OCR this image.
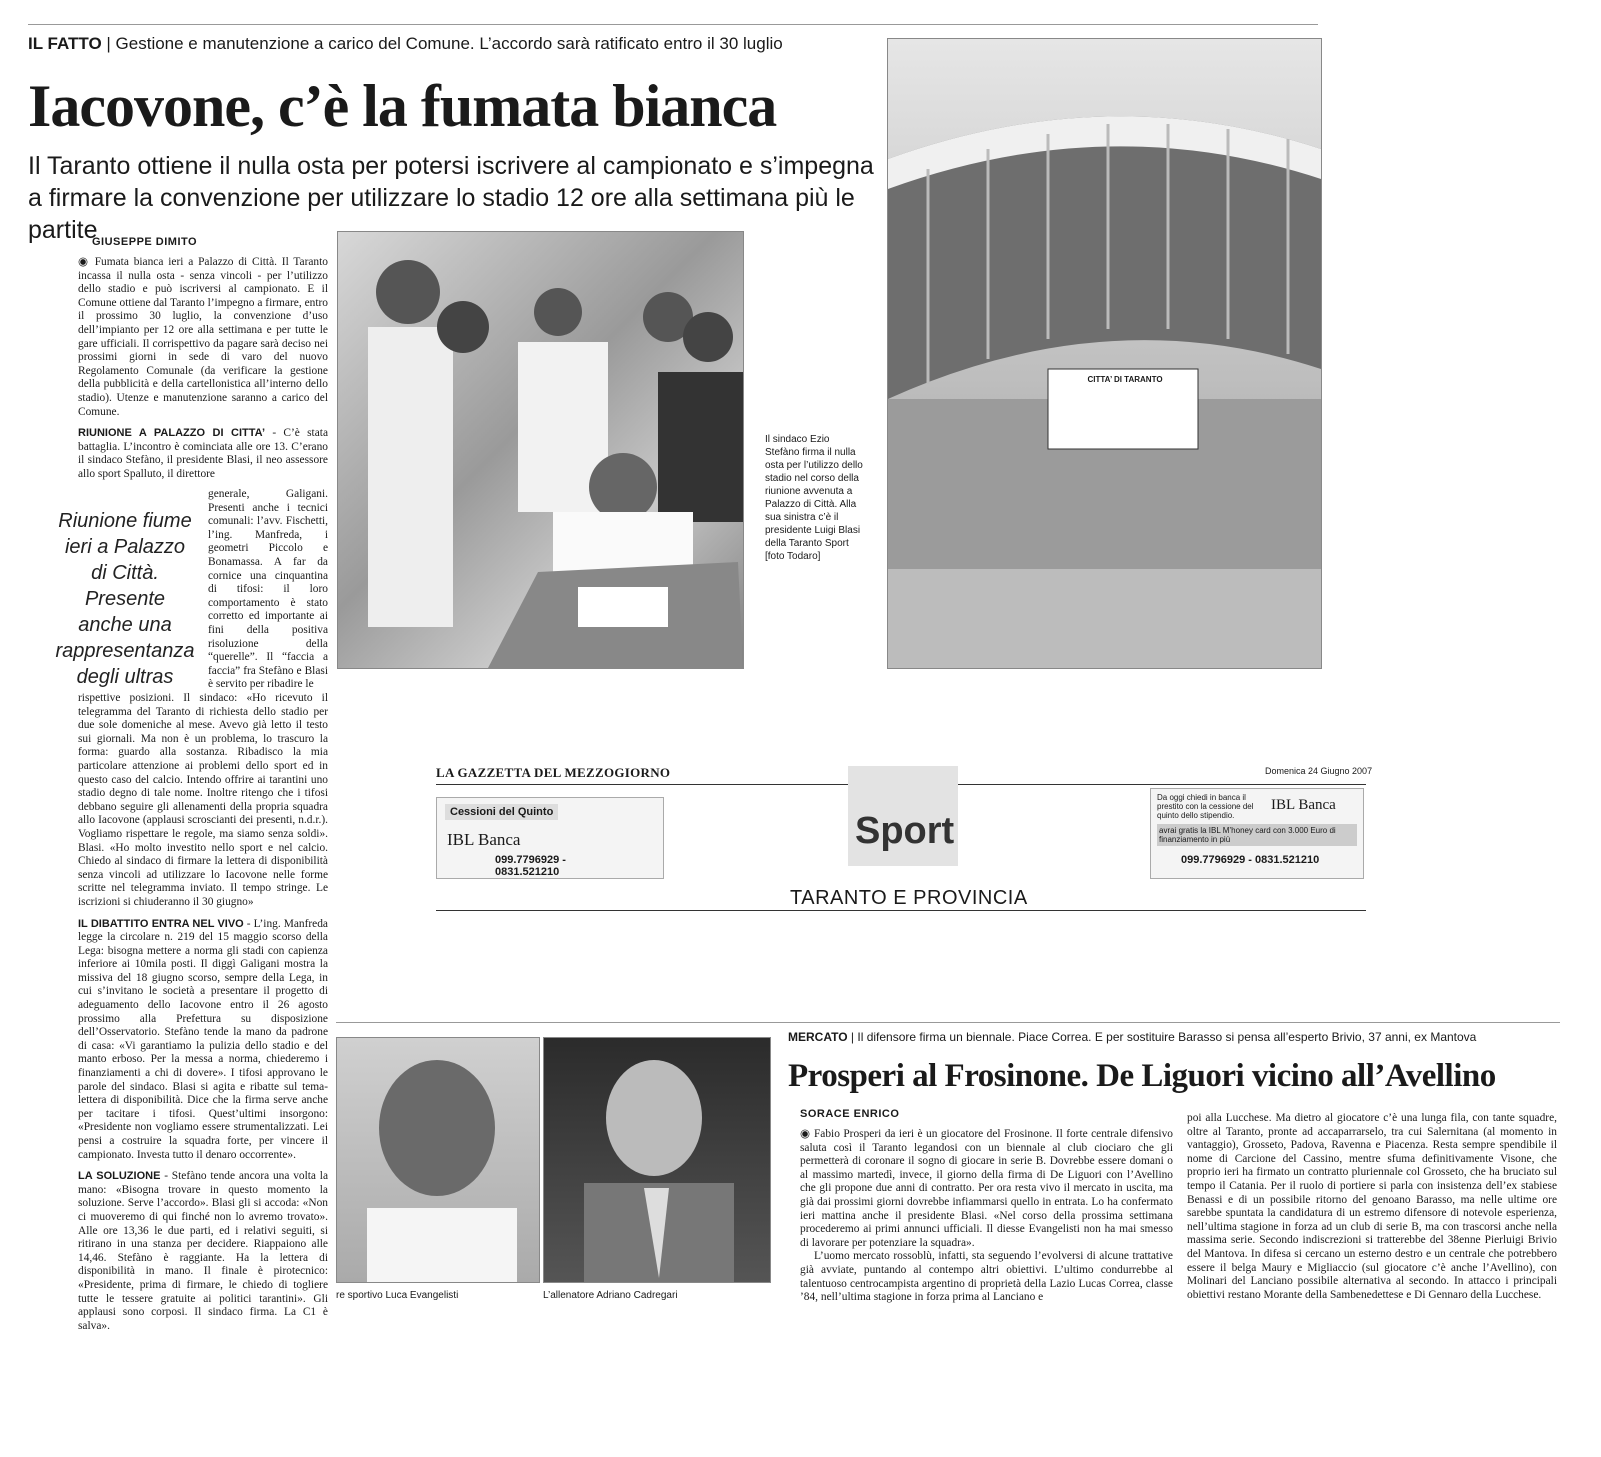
IL FATTO | Gestione e manutenzione a carico del Comune. L’accordo sarà ratificato entro il 30 luglio
Iacovone, c’è la fumata bianca
Il Taranto ottiene il nulla osta per potersi iscrivere al campionato e s’impegna a firmare la convenzione per utilizzare lo stadio 12 ore alla settimana più le partite
GIUSEPPE DIMITO

◉ Fumata bianca ieri a Palazzo di Città. Il Taranto incassa il nulla osta - senza vincoli - per l’utilizzo dello stadio e può iscriversi al campionato. E il Comune ottiene dal Taranto l’impegno a firmare, entro il prossimo 30 luglio, la convenzione d’uso dell’impianto per 12 ore alla settimana e per tutte le gare ufficiali. Il corrispettivo da pagare sarà deciso nei prossimi giorni in sede di varo del nuovo Regolamento Comunale (da verificare la gestione della pubblicità e della cartellonistica all’interno dello stadio). Utenze e manutenzione saranno a carico del Comune.

RIUNIONE A PALAZZO DI CITTA’ - C’è stata battaglia. L’incontro è cominciata alle ore 13. C’erano il sindaco Stefàno, il presidente Blasi, il neo assessore allo sport Spalluto, il direttore

generale, Galigani. Presenti anche i tecnici comunali: l’avv. Fischetti, l’ing. Manfreda, i geometri Piccolo e Bonamassa. A far da cornice una cinquantina di tifosi: il loro comportamento è stato corretto ed importante ai fini della positiva risoluzione della “querelle”. Il “faccia a faccia” fra Stefàno e Blasi è servito per ribadire le

Riunione fiume ieri a Palazzo di Città. Presente anche una rappresentanza degli ultras

rispettive posizioni. Il sindaco: «Ho ricevuto il telegramma del Taranto di richiesta dello stadio per due sole domeniche al mese. Avevo già letto il testo sui giornali. Ma non è un problema, lo trascuro la forma: guardo alla sostanza. Ribadisco la mia particolare attenzione ai problemi dello sport ed in questo caso del calcio. Intendo offrire ai tarantini uno stadio degno di tale nome. Inoltre ritengo che i tifosi debbano seguire gli allenamenti della propria squadra allo Iacovone (applausi scroscianti dei presenti, n.d.r.). Vogliamo rispettare le regole, ma siamo senza soldi». Blasi. «Ho molto investito nello sport e nel calcio. Chiedo al sindaco di firmare la lettera di disponibilità senza vincoli ad utilizzare lo Iacovone nelle forme scritte nel telegramma inviato. Il tempo stringe. Le iscrizioni si chiuderanno il 30 giugno»

IL DIBATTITO ENTRA NEL VIVO - L’ing. Manfreda legge la circolare n. 219 del 15 maggio scorso della Lega: bisogna mettere a norma gli stadi con capienza inferiore ai 10mila posti. Il diggì Galigani mostra la missiva del 18 giugno scorso, sempre della Lega, in cui s’invitano le società a presentare il progetto di adeguamento dello Iacovone entro il 26 agosto prossimo alla Prefettura su disposizione dell’Osservatorio. Stefàno tende la mano da padrone di casa: «Vi garantiamo la pulizia dello stadio e del manto erboso. Per la messa a norma, chiederemo i finanziamenti a chi di dovere». I tifosi approvano le parole del sindaco. Blasi si agita e ribatte sul tema-lettera di disponibilità. Dice che la firma serve anche per tacitare i tifosi. Quest’ultimi insorgono: «Presidente non vogliamo essere strumentalizzati. Lei pensi a costruire la squadra forte, per vincere il campionato. Investa tutto il denaro occorrente».

LA SOLUZIONE - Stefàno tende ancora una volta la mano: «Bisogna trovare in questo momento la soluzione. Serve l’accordo». Blasi gli si accoda: «Non ci muoveremo di qui finché non lo avremo trovato». Alle ore 13,36 le due parti, ed i relativi seguiti, si ritirano in una stanza per decidere. Riappaiono alle 14,46. Stefàno è raggiante. Ha la lettera di disponibilità in mano. Il finale è pirotecnico: «Presidente, prima di firmare, le chiedo di togliere tutte le tessere gratuite ai politici tarantini». Gli applausi sono corposi. Il sindaco firma. La C1 è salva».

Il sindaco Ezio Stefàno firma il nulla osta per l’utilizzo dello stadio nel corso della riunione avvenuta a Palazzo di Città. Alla sua sinistra c’è il presidente Luigi Blasi della Taranto Sport [foto Todaro]
CITTA’ DI TARANTO
LA GAZZETTA DEL MEZZOGIORNO	Domenica 24 Giugno 2007
Cessioni del Quinto
IBL Banca
099.7796929 - 0831.521210
Sport
Da oggi chiedi in banca il prestito con la cessione del quinto dello stipendio.
IBL Banca
avrai gratis la IBL M’honey card con 3.000 Euro di finanziamento in più
099.7796929 - 0831.521210
TARANTO E PROVINCIA
re sportivo Luca Evangelisti	L’allenatore Adriano Cadregari
MERCATO | Il difensore firma un biennale. Piace Correa. E per sostituire Barasso si pensa all’esperto Brivio, 37 anni, ex Mantova
Prosperi al Frosinone. De Liguori vicino all’Avellino
SORACE ENRICO

◉ Fabio Prosperi da ieri è un giocatore del Frosinone. Il forte centrale difensivo saluta così il Taranto legandosi con un biennale al club ciociaro che gli permetterà di coronare il sogno di giocare in serie B. Dovrebbe essere domani o al massimo martedì, invece, il giorno della firma di De Liguori con l’Avellino che gli propone due anni di contratto. Per ora resta vivo il mercato in uscita, ma già dai prossimi giorni dovrebbe infiammarsi quello in entrata. Lo ha confermato ieri mattina anche il presidente Blasi. «Nel corso della prossima settimana procederemo ai primi annunci ufficiali. Il diesse Evangelisti non ha mai smesso di lavorare per potenziare la squadra».

L’uomo mercato rossoblù, infatti, sta seguendo l’evolversi di alcune trattative già avviate, puntando al contempo altri obiettivi. L’ultimo condurrebbe al talentuoso centrocampista argentino di proprietà della Lazio Lucas Correa, classe ’84, nell’ultima stagione in forza prima al Lanciano e

poi alla Lucchese. Ma dietro al giocatore c’è una lunga fila, con tante squadre, oltre al Taranto, pronte ad accaparrarselo, tra cui Salernitana (al momento in vantaggio), Grosseto, Padova, Ravenna e Piacenza. Resta sempre spendibile il nome di Carcione del Cassino, mentre sfuma definitivamente Visone, che proprio ieri ha firmato un contratto pluriennale col Grosseto, che ha bruciato sul tempo il Catania. Per il ruolo di portiere si parla con insistenza dell’ex stabiese Benassi e di un possibile ritorno del genoano Barasso, ma nelle ultime ore sarebbe spuntata la candidatura di un estremo difensore di notevole esperienza, nell’ultima stagione in forza ad un club di serie B, ma con trascorsi anche nella massima serie. Secondo indiscrezioni si tratterebbe del 38enne Pierluigi Brivio del Mantova. In difesa si cercano un esterno destro e un centrale che potrebbero essere il belga Maury e Migliaccio (sul giocatore c’è anche l’Avellino), con Molinari del Lanciano possibile alternativa al secondo. In attacco i principali obiettivi restano Morante della Sambenedettese e Di Gennaro della Lucchese.
